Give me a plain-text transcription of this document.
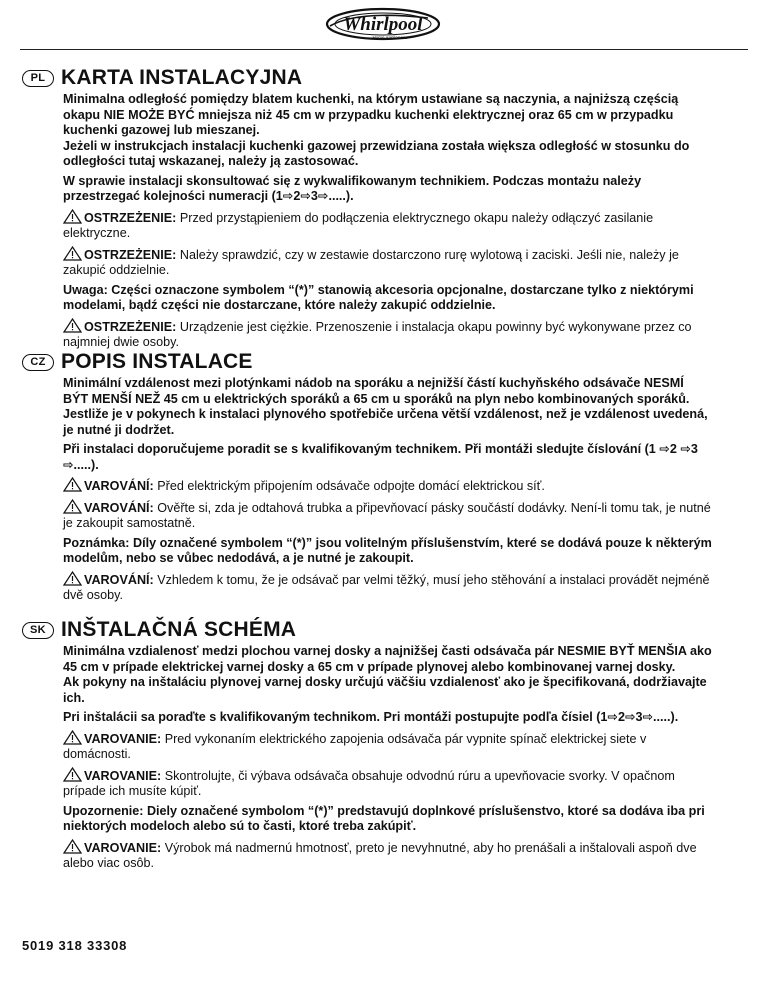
Whirlpool
Home Appliances
PL KARTA INSTALACYJNA
Minimalna odległość pomiędzy blatem kuchenki, na którym ustawiane są naczynia, a najniższą częścią okapu NIE MOŻE BYĆ mniejsza niż 45 cm w przypadku kuchenki elektrycznej oraz 65 cm w przypadku kuchenki gazowej lub mieszanej.
Jeżeli w instrukcjach instalacji kuchenki gazowej przewidziana została większa odległość w stosunku do odległości tutaj wskazanej, należy ją zastosować.
W sprawie instalacji skonsultować się z wykwalifikowanym technikiem. Podczas montażu należy przestrzegać kolejności numeracji (1⇨2⇨3⇨.....).
OSTRZEŻENIE: Przed przystąpieniem do podłączenia elektrycznego okapu należy odłączyć zasilanie elektryczne.
OSTRZEŻENIE: Należy sprawdzić, czy w zestawie dostarczono rurę wylotową i zaciski. Jeśli nie, należy je zakupić oddzielnie.
Uwaga: Części oznaczone symbolem “(*)” stanowią akcesoria opcjonalne, dostarczane tylko z niektórymi modelami, bądź części nie dostarczane, które należy zakupić oddzielnie.
OSTRZEŻENIE: Urządzenie jest ciężkie. Przenoszenie i instalacja okapu powinny być wykonywane przez co najmniej dwie osoby.
CZ POPIS INSTALACE
Minimální vzdálenost mezi plotýnkami nádob na sporáku a nejnižší částí kuchyňského odsávače NESMÍ BÝT MENŠÍ NEŽ 45 cm u elektrických sporáků a 65 cm u sporáků na plyn nebo kombinovaných sporáků.
Jestliže je v pokynech k instalaci plynového spotřebiče určena větší vzdálenost, než je vzdálenost uvedená, je nutné ji dodržet.
Při instalaci doporučujeme poradit se s kvalifikovaným technikem. Při montáži sledujte číslování (1 ⇨2 ⇨3 ⇨.....).
VAROVÁNÍ: Před elektrickým připojením odsávače odpojte domácí elektrickou síť.
VAROVÁNÍ: Ověřte si, zda je odtahová trubka a připevňovací pásky součástí dodávky. Není-li tomu tak, je nutné je zakoupit samostatně.
Poznámka: Díly označené symbolem “(*)” jsou volitelným příslušenstvím, které se dodává pouze k některým modelům, nebo se vůbec nedodává, a je nutné je zakoupit.
VAROVÁNÍ: Vzhledem k tomu, že je odsávač par velmi těžký, musí jeho stěhování a instalaci provádět nejméně dvě osoby.
SK INŠTALAČNÁ SCHÉMA
Minimálna vzdialenosť medzi plochou varnej dosky a najnižšej časti odsávača pár NESMIE BYŤ MENŠIA ako 45 cm v prípade elektrickej varnej dosky a 65 cm v prípade plynovej alebo kombinovanej varnej dosky.
Ak pokyny na inštaláciu plynovej varnej dosky určujú väčšiu vzdialenosť ako je špecifikovaná, dodržiavajte ich.
Pri inštalácii sa poraďte s kvalifikovaným technikom. Pri montáži postupujte podľa čísiel (1⇨2⇨3⇨.....).
VAROVANIE: Pred vykonaním elektrického zapojenia odsávača pár vypnite spínač elektrickej siete v domácnosti.
VAROVANIE: Skontrolujte, či výbava odsávača obsahuje odvodnú rúru a upevňovacie svorky. V opačnom prípade ich musíte kúpiť.
Upozornenie: Diely označené symbolom “(*)” predstavujú doplnkové príslušenstvo, ktoré sa dodáva iba pri niektorých modeloch alebo sú to časti, ktoré treba zakúpiť.
VAROVANIE: Výrobok má nadmernú hmotnosť, preto je nevyhnutné, aby ho prenášali a inštalovali aspoň dve alebo viac osôb.
5019 318 33308
